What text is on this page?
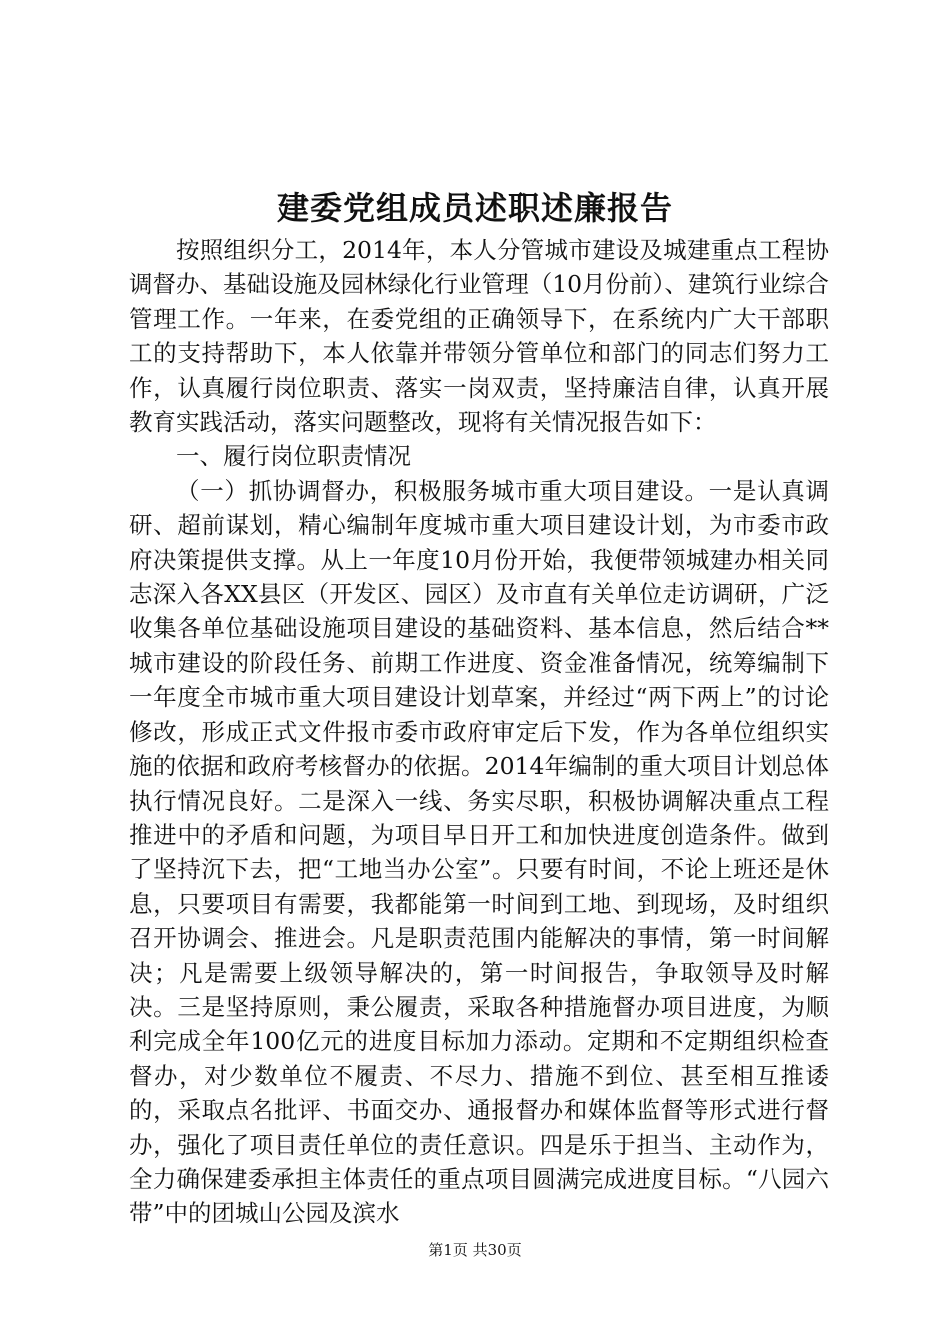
建委党组成员述职述廉报告

按照组织分工，2014年，本人分管城市建设及城建重点工程协调督办、基础设施及园林绿化行业管理（10月份前）、建筑行业综合管理工作。一年来，在委党组的正确领导下，在系统内广大干部职工的支持帮助下，本人依靠并带领分管单位和部门的同志们努力工作，认真履行岗位职责、落实一岗双责，坚持廉洁自律，认真开展教育实践活动，落实问题整改，现将有关情况报告如下：

一、履行岗位职责情况

（一）抓协调督办，积极服务城市重大项目建设。一是认真调研、超前谋划，精心编制年度城市重大项目建设计划，为市委市政府决策提供支撑。从上一年度10月份开始，我便带领城建办相关同志深入各XX县区（开发区、园区）及市直有关单位走访调研，广泛收集各单位基础设施项目建设的基础资料、基本信息，然后结合**城市建设的阶段任务、前期工作进度、资金准备情况，统筹编制下一年度全市城市重大项目建设计划草案，并经过“两下两上”的讨论修改，形成正式文件报市委市政府审定后下发，作为各单位组织实施的依据和政府考核督办的依据。2014年编制的重大项目计划总体执行情况良好。二是深入一线、务实尽职，积极协调解决重点工程推进中的矛盾和问题，为项目早日开工和加快进度创造条件。做到了坚持沉下去，把“工地当办公室”。只要有时间，不论上班还是休息，只要项目有需要，我都能第一时间到工地、到现场，及时组织召开协调会、推进会。凡是职责范围内能解决的事情，第一时间解决；凡是需要上级领导解决的，第一时间报告，争取领导及时解决。三是坚持原则，秉公履责，采取各种措施督办项目进度，为顺利完成全年100亿元的进度目标加力添动。定期和不定期组织检查督办，对少数单位不履责、不尽力、措施不到位、甚至相互推诿的，采取点名批评、书面交办、通报督办和媒体监督等形式进行督办，强化了项目责任单位的责任意识。四是乐于担当、主动作为，全力确保建委承担主体责任的重点项目圆满完成进度目标。“八园六带”中的团城山公园及滨水

第1页 共30页
